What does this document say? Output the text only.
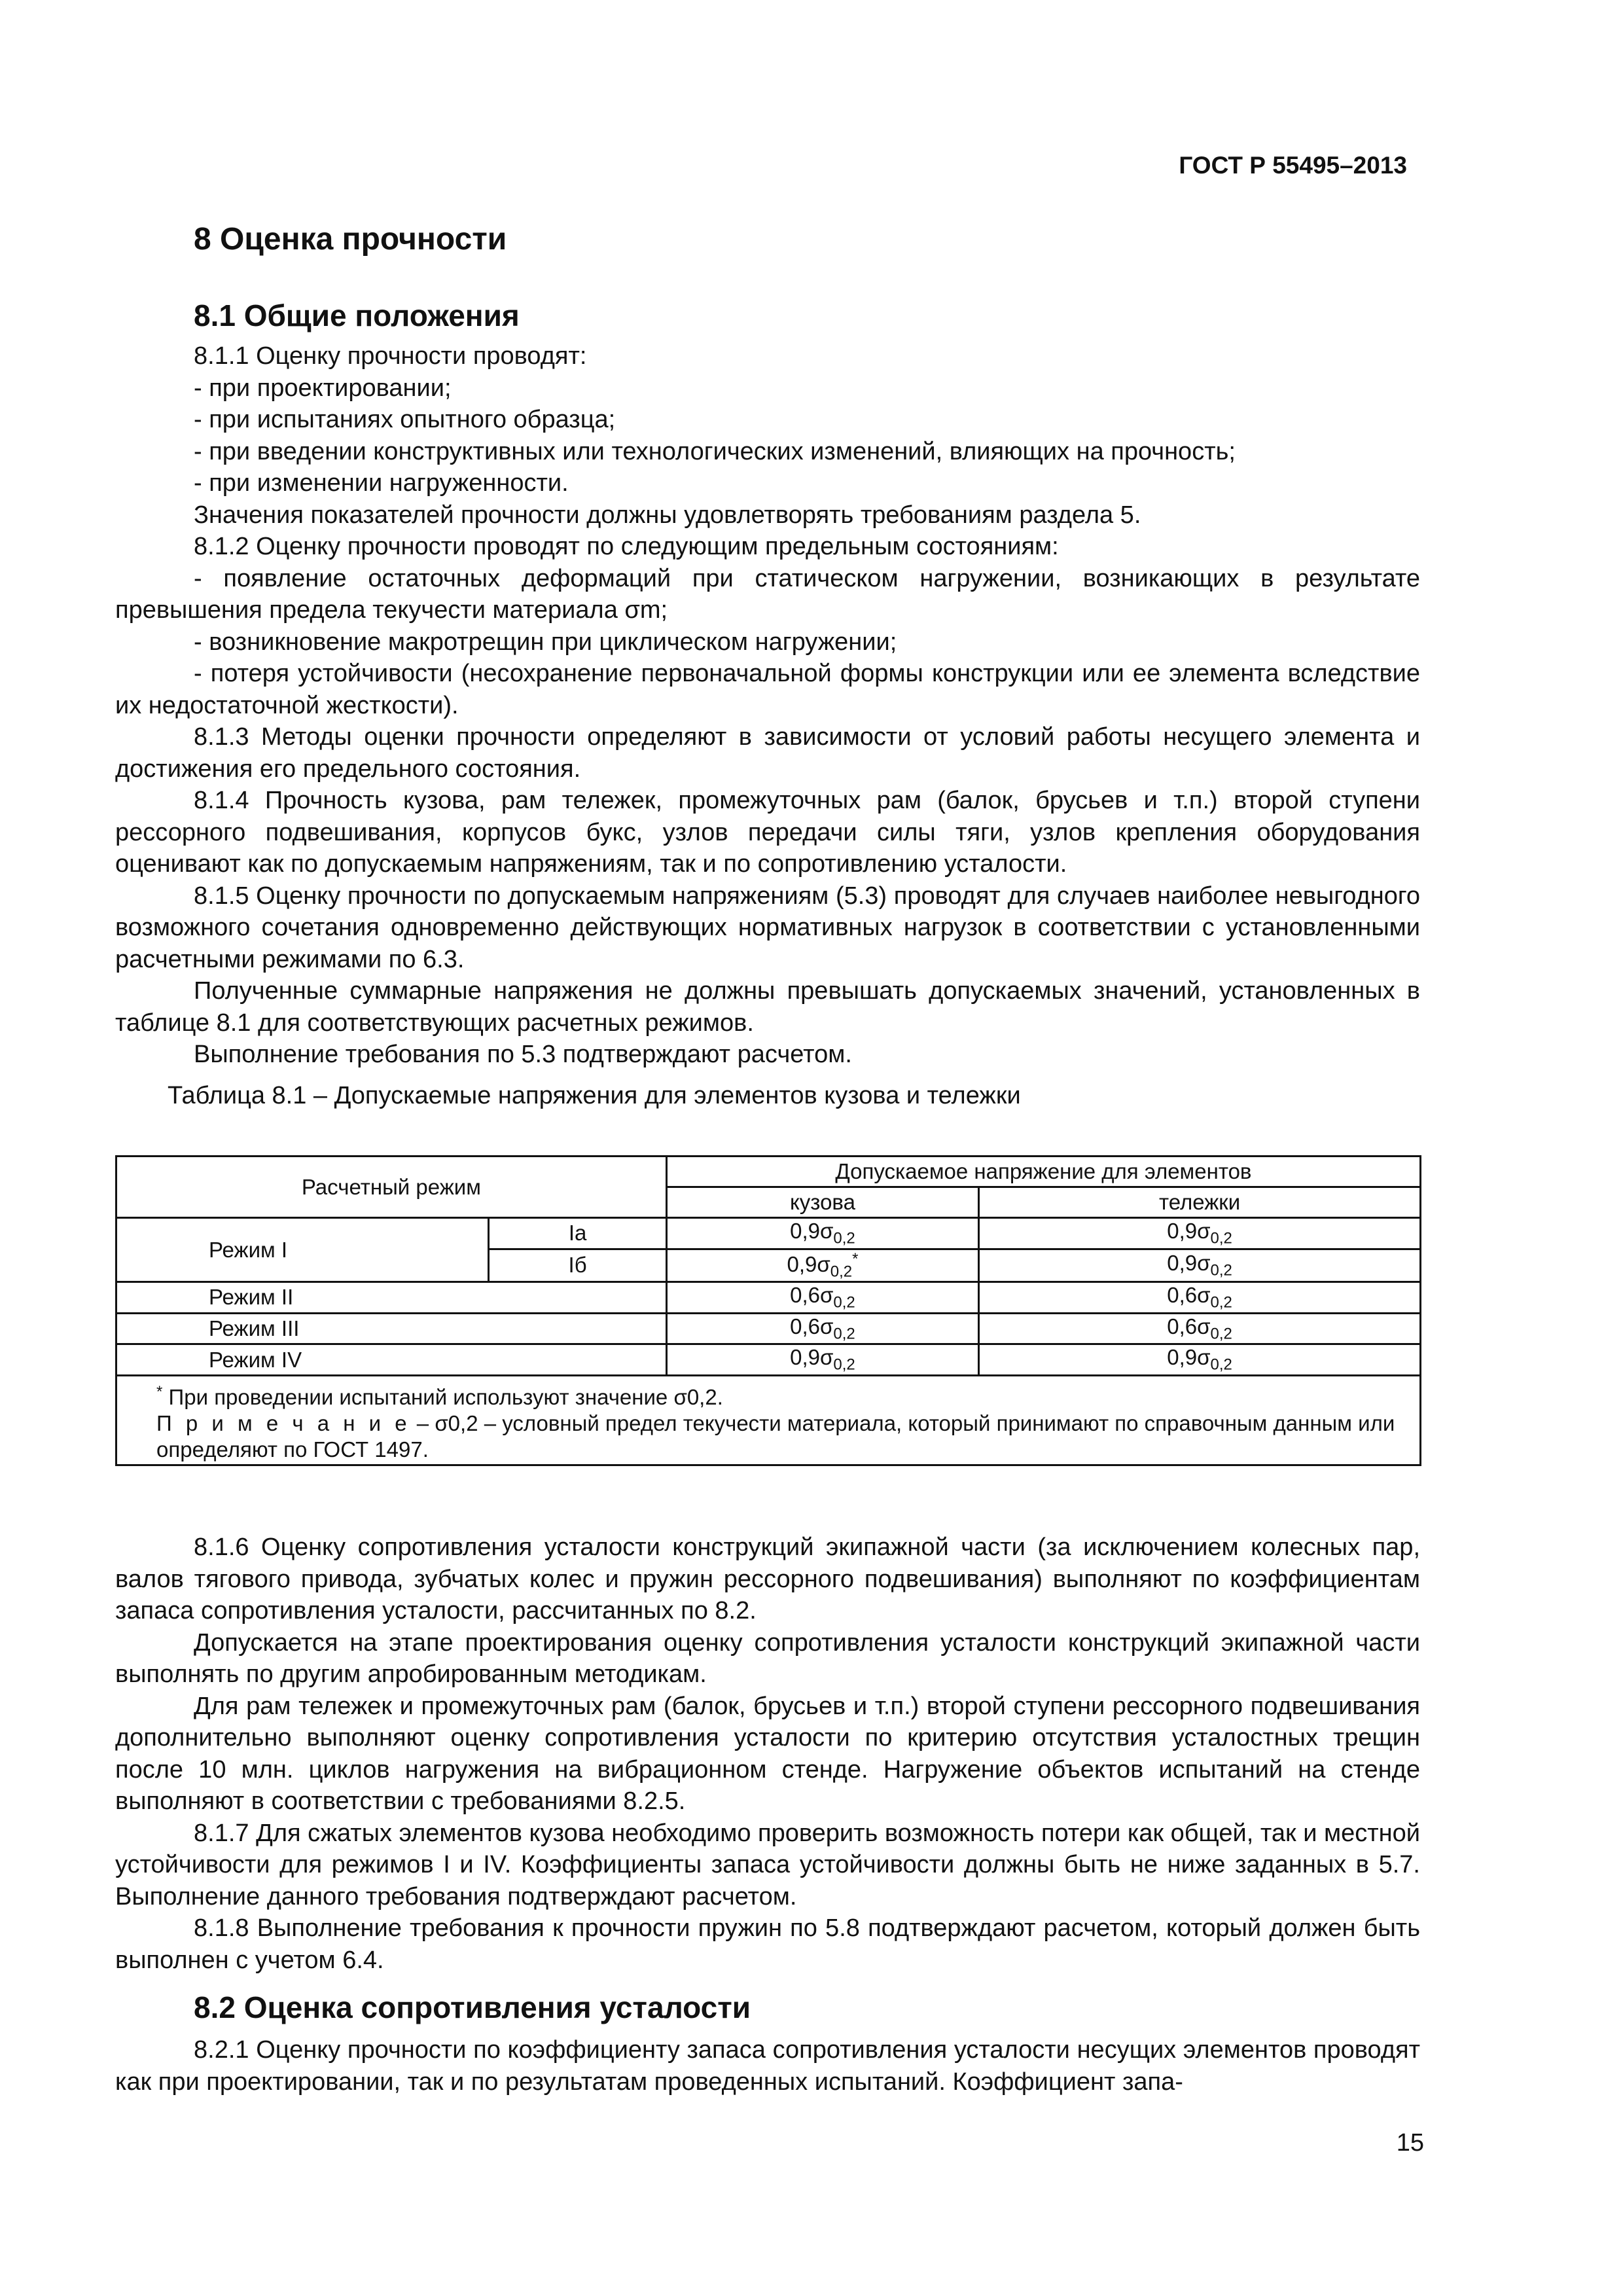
ГОСТ Р 55495–2013
8 Оценка прочности
8.1 Общие положения

8.1.1 Оценку прочности проводят:

- при проектировании;

- при испытаниях опытного образца;

- при введении конструктивных или технологических изменений, влияющих на прочность;

- при изменении нагруженности.

Значения показателей прочности должны удовлетворять требованиям раздела 5.

8.1.2 Оценку прочности проводят по следующим предельным состояниям:

- появление остаточных деформаций при статическом нагружении, возникающих в результате превышения предела текучести материала σm;

- возникновение макротрещин при циклическом нагружении;

- потеря устойчивости (несохранение первоначальной формы конструкции или ее элемента вследствие их недостаточной жесткости).

8.1.3 Методы оценки прочности определяют в зависимости от условий работы несущего элемента и достижения его предельного состояния.

8.1.4 Прочность кузова, рам тележек, промежуточных рам (балок, брусьев и т.п.) второй ступени рессорного подвешивания, корпусов букс, узлов передачи силы тяги, узлов крепления оборудования оценивают как по допускаемым напряжениям, так и по сопротивлению усталости.

8.1.5 Оценку прочности по допускаемым напряжениям (5.3) проводят для случаев наиболее невыгодного возможного сочетания одновременно действующих нормативных нагрузок в соответствии с установленными расчетными режимами по 6.3.

Полученные суммарные напряжения не должны превышать допускаемых значений, установленных в таблице 8.1 для соответствующих расчетных режимов.

Выполнение требования по 5.3 подтверждают расчетом.

Таблица 8.1 – Допускаемые напряжения для элементов кузова и тележки
Расчетный режим		Допускаемое напряжение для элементов	
		кузова	тележки
Режим I	Ia	$0,9\sigma_{0,2}$	$0,9\sigma_{0,2}$
	Iб	$0,9\sigma_{0,2}^*$	$0,9\sigma_{0,2}$
Режим II		$0,6\sigma_{0,2}$	$0,6\sigma_{0,2}$
Режим III		$0,6\sigma_{0,2}$	$0,6\sigma_{0,2}$
Режим IV		$0,9\sigma_{0,2}$	$0,9\sigma_{0,2}$

* При проведении испытаний используют значение σ0,2.

П р и м е ч а н и е – σ0,2 – условный предел текучести материала, который принимают по справочным данным или определяют по ГОСТ 1497.			

8.1.6 Оценку сопротивления усталости конструкций экипажной части (за исключением колесных пар, валов тягового привода, зубчатых колес и пружин рессорного подвешивания) выполняют по коэффициентам запаса сопротивления усталости, рассчитанных по 8.2.

Допускается на этапе проектирования оценку сопротивления усталости конструкций экипажной части выполнять по другим апробированным методикам.

Для рам тележек и промежуточных рам (балок, брусьев и т.п.) второй ступени рессорного подвешивания дополнительно выполняют оценку сопротивления усталости по критерию отсутствия усталостных трещин после 10 млн. циклов нагружения на вибрационном стенде. Нагружение объектов испытаний на стенде выполняют в соответствии с требованиями 8.2.5.

8.1.7 Для сжатых элементов кузова необходимо проверить возможность потери как общей, так и местной устойчивости для режимов I и IV. Коэффициенты запаса устойчивости должны быть не ниже заданных в 5.7. Выполнение данного требования подтверждают расчетом.

8.1.8 Выполнение требования к прочности пружин по 5.8 подтверждают расчетом, который должен быть выполнен с учетом 6.4.

8.2 Оценка сопротивления усталости

8.2.1 Оценку прочности по коэффициенту запаса сопротивления усталости несущих элементов проводят как при проектировании, так и по результатам проведенных испытаний. Коэффициент запа-

15
